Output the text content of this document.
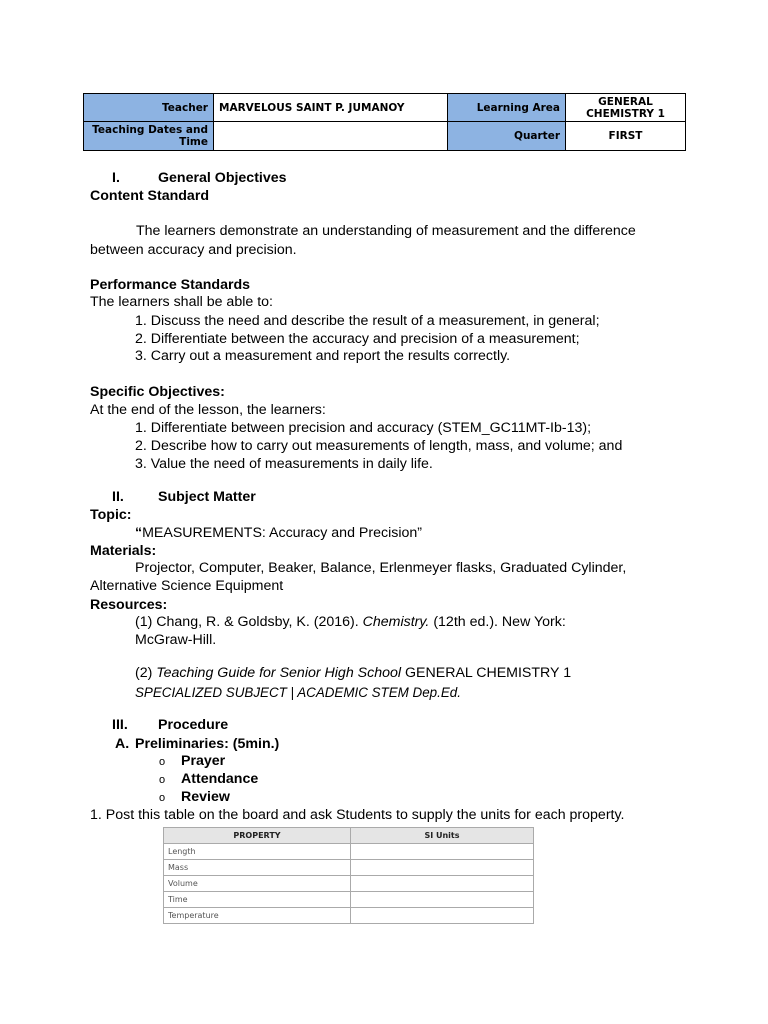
Teacher	MARVELOUS SAINT P. JUMANOY	Learning Area	GENERAL
CHEMISTRY 1

Teaching Dates and
Time		Quarter	FIRST
I.	General Objectives
Content Standard
The learners demonstrate an understanding of measurement and the difference
between accuracy and precision.
Performance Standards
The learners shall be able to:
1. Discuss the need and describe the result of a measurement, in general;
2. Differentiate between the accuracy and precision of a measurement;
3. Carry out a measurement and report the results correctly.
Specific Objectives:
At the end of the lesson, the learners:
1. Differentiate between precision and accuracy (STEM_GC11MT-Ib-13);
2. Describe how to carry out measurements of length, mass, and volume; and
3. Value the need of measurements in daily life.
II. Subject Matter
Topic:
“MEASUREMENTS: Accuracy and Precision”
Materials:
Projector, Computer, Beaker, Balance, Erlenmeyer flasks, Graduated Cylinder,
Alternative Science Equipment
Resources:
(1) Chang, R. & Goldsby, K. (2016). Chemistry. (12th ed.). New York:
McGraw-Hill.
(2) Teaching Guide for Senior High School GENERAL CHEMISTRY 1
SPECIALIZED SUBJECT | ACADEMIC STEM Dep.Ed.
III. Procedure
A. Preliminaries: (5min.)
o Prayer
o Attendance
o Review
1. Post this table on the board and ask Students to supply the units for each property.
PROPERTY	SI Units
Length	
Mass	
Volume	
Time	
Temperature	
